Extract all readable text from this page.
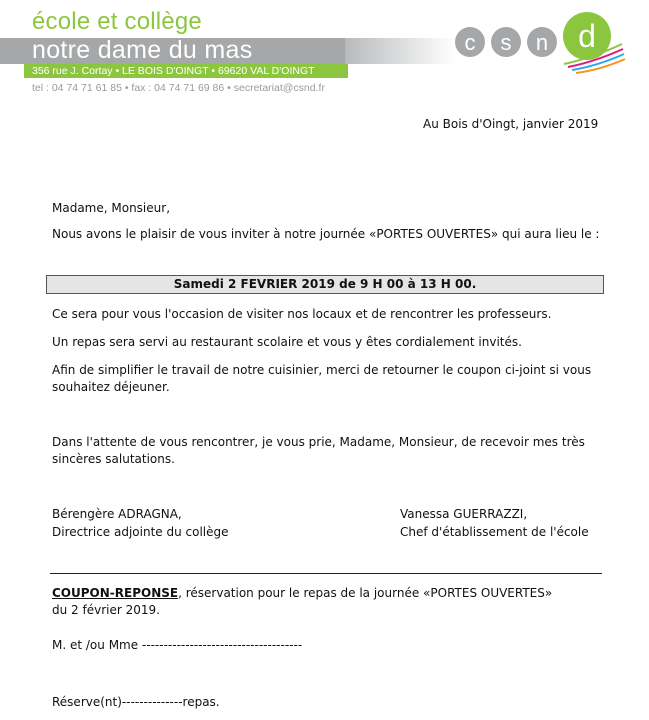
école et collège
notre dame du mas
356 rue J. Cortay • LE BOIS D'OINGT • 69620 VAL D'OINGT
tel : 04 74 71 61 85 • fax : 04 74 71 69 86 • secretariat@csnd.fr
c s n d
Au Bois d'Oingt, janvier 2019
Madame, Monsieur,
Nous avons le plaisir de vous inviter à notre journée «PORTES OUVERTES» qui aura lieu le :
Samedi 2 FEVRIER 2019 de 9 H 00 à 13 H 00.
Ce sera pour vous l'occasion de visiter nos locaux et de rencontrer les professeurs.
Un repas sera servi au restaurant scolaire et vous y êtes cordialement invités.
Afin de simplifier le travail de notre cuisinier, merci de retourner le coupon ci-joint si vous souhaitez déjeuner.
Dans l'attente de vous rencontrer, je vous prie, Madame, Monsieur, de recevoir mes très sincères salutations.
Bérengère ADRAGNA,
Directrice adjointe du collège
Vanessa GUERRAZZI,
Chef d'établissement de l'école
COUPON-REPONSE, réservation pour le repas de la journée «PORTES OUVERTES»
du 2 février 2019.
M. et /ou Mme -------------------------------------
Réserve(nt)--------------repas.
